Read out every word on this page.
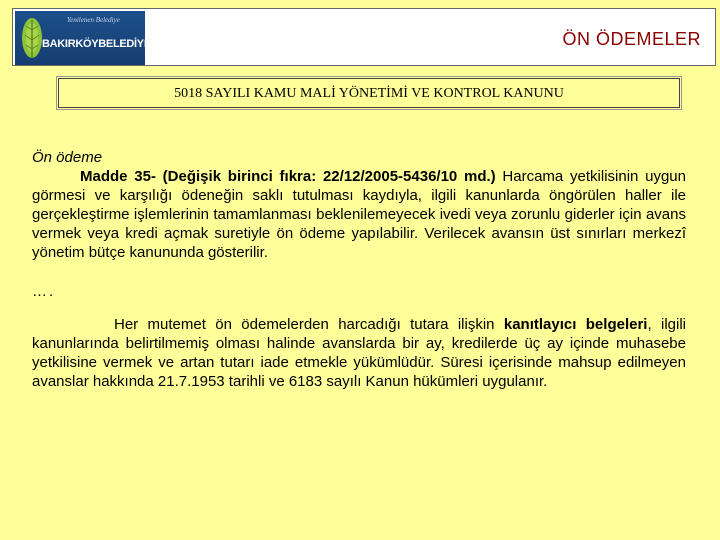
Yenilenen Belediye
BAKIRKÖYBELEDİYESİ	ÖN ÖDEMELER
5018 SAYILI KAMU MALİ YÖNETİMİ VE KONTROL KANUNU

Ön ödeme

Madde 35- (Değişik birinci fıkra: 22/12/2005-5436/10 md.) Harcama yetkilisinin uygun görmesi ve karşılığı ödeneğin saklı tutulması kaydıyla, ilgili kanunlarda öngörülen haller ile gerçekleştirme işlemlerinin tamamlanması beklenilemeyecek ivedi veya zorunlu giderler için avans vermek veya kredi açmak suretiyle ön ödeme yapılabilir. Verilecek avansın üst sınırları merkezî yönetim bütçe kanununda gösterilir.

….

Her mutemet ön ödemelerden harcadığı tutara ilişkin kanıtlayıcı belgeleri, ilgili kanunlarında belirtilmemiş olması halinde avanslarda bir ay, kredilerde üç ay içinde muhasebe yetkilisine vermek ve artan tutarı iade etmekle yükümlüdür. Süresi içerisinde mahsup edilmeyen avanslar hakkında 21.7.1953 tarihli ve 6183 sayılı Kanun hükümleri uygulanır.
